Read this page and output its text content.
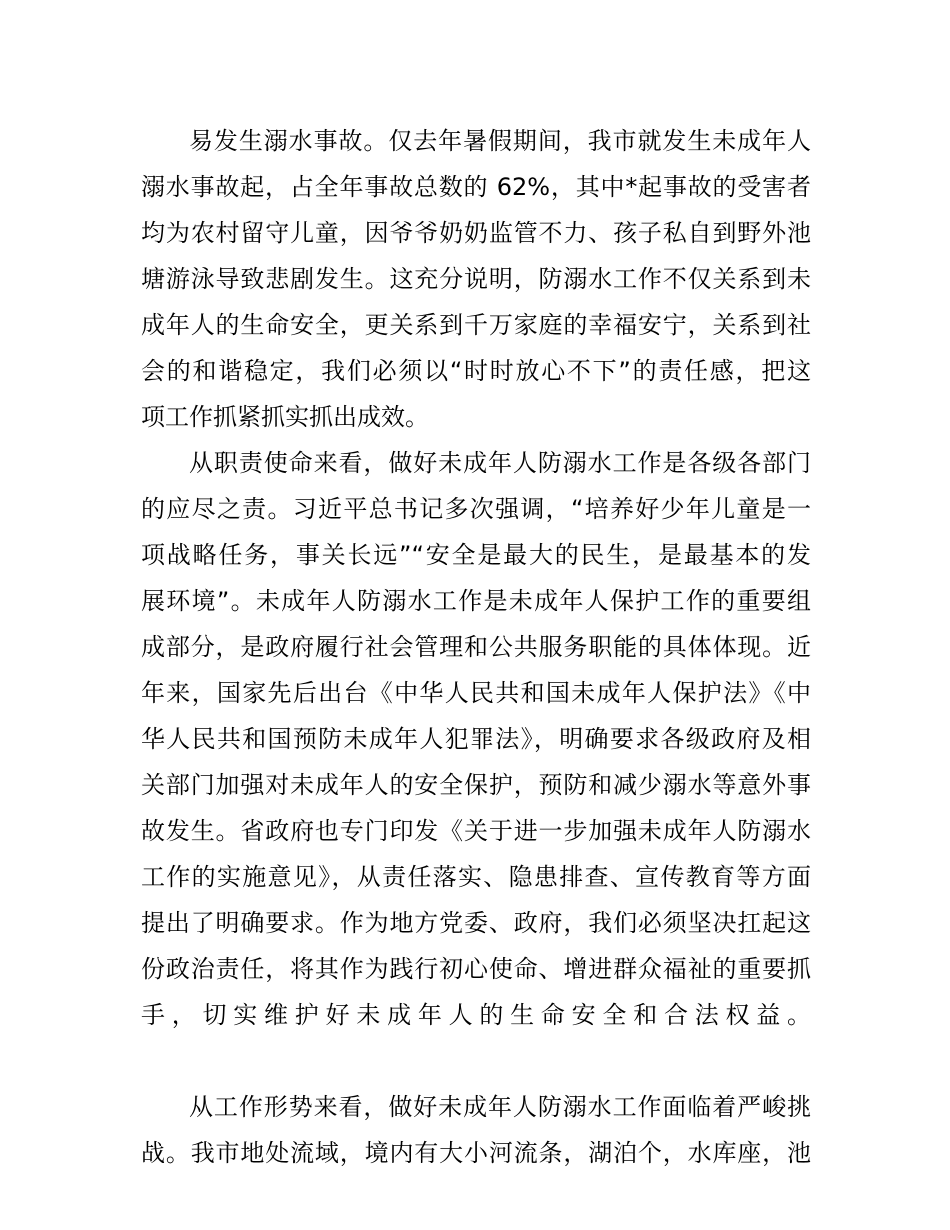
易发生溺水事故。仅去年暑假期间，我市就发生未成年人
溺水事故起，占全年事故总数的 62%，其中*起事故的受害者
均为农村留守儿童，因爷爷奶奶监管不力、孩子私自到野外池
塘游泳导致悲剧发生。这充分说明，防溺水工作不仅关系到未
成年人的生命安全，更关系到千万家庭的幸福安宁，关系到社
会的和谐稳定，我们必须以“时时放心不下”的责任感，把这
项工作抓紧抓实抓出成效。
从职责使命来看，做好未成年人防溺水工作是各级各部门
的应尽之责。习近平总书记多次强调，“培养好少年儿童是一
项战略任务，事关长远”“安全是最大的民生，是最基本的发
展环境”。未成年人防溺水工作是未成年人保护工作的重要组
成部分，是政府履行社会管理和公共服务职能的具体体现。近
年来，国家先后出台《中华人民共和国未成年人保护法》《中
华人民共和国预防未成年人犯罪法》，明确要求各级政府及相
关部门加强对未成年人的安全保护，预防和减少溺水等意外事
故发生。省政府也专门印发《关于进一步加强未成年人防溺水
工作的实施意见》，从责任落实、隐患排查、宣传教育等方面
提出了明确要求。作为地方党委、政府，我们必须坚决扛起这
份政治责任，将其作为践行初心使命、增进群众福祉的重要抓
手，切实维护好未成年人的生命安全和合法权益。
从工作形势来看，做好未成年人防溺水工作面临着严峻挑
战。我市地处流域，境内有大小河流条，湖泊个，水库座，池
